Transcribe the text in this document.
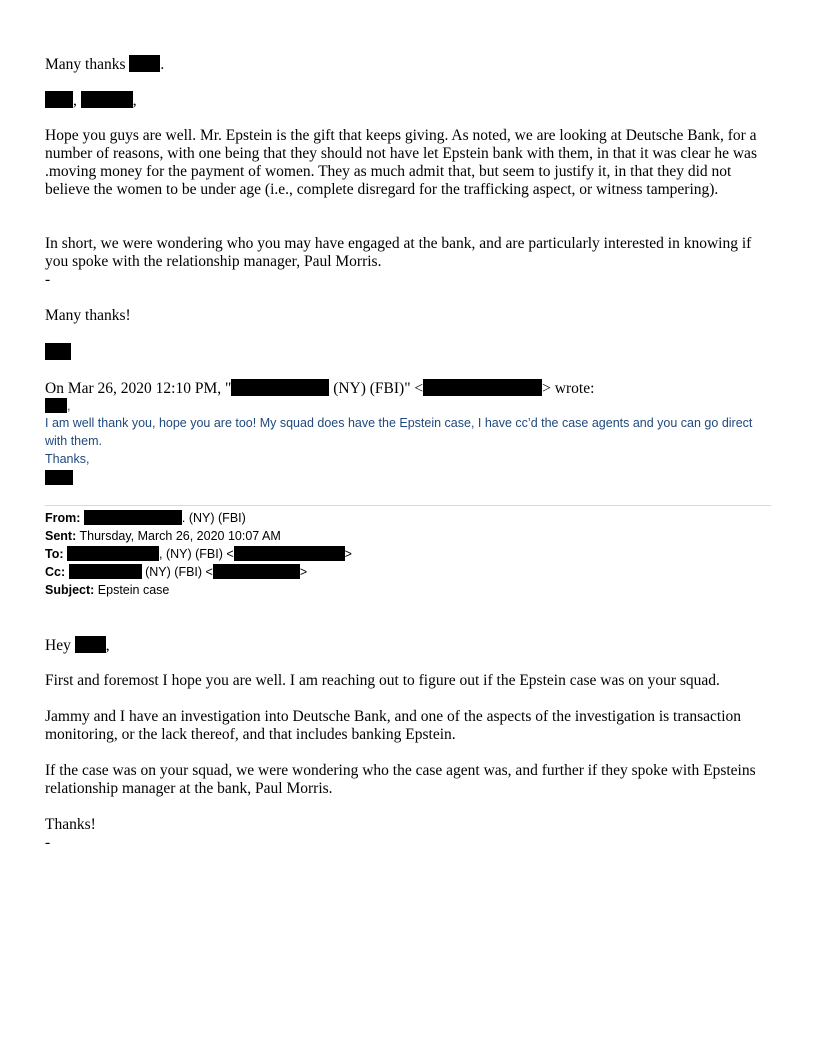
Many thanks .

,	,

Hope you guys are well. Mr. Epstein is the gift that keeps giving. As noted, we are looking at Deutsche Bank, for a number of reasons, with one being that they should not have let Epstein bank with them, in that it was clear he was .moving money for the payment of women. They as much admit that, but seem to justify it, in that they did not believe the women to be under age (i.e., complete disregard for the trafficking aspect, or witness tampering).

In short, we were wondering who you may have engaged at the bank, and are particularly interested in knowing if you spoke with the relationship manager, Paul Morris.

-

Many thanks!

On Mar 26, 2020 12:10 PM, "	(NY) (FBI)" <	> wrote:

,

I am well thank you, hope you are too! My squad does have the Epstein case, I have cc’d the case agents and you can go direct with them.

Thanks,

From:	. (NY) (FBI)

Sent: Thursday, March 26, 2020 10:07 AM

To:	, (NY) (FBI) <	>

Cc:	(NY) (FBI) <	>

Subject: Epstein case

Hey ,

First and foremost I hope you are well. I am reaching out to figure out if the Epstein case was on your squad.

Jammy and I have an investigation into Deutsche Bank, and one of the aspects of the investigation is transaction monitoring, or the lack thereof, and that includes banking Epstein.

If the case was on your squad, we were wondering who the case agent was, and further if they spoke with Epsteins relationship manager at the bank, Paul Morris.

Thanks!

-
